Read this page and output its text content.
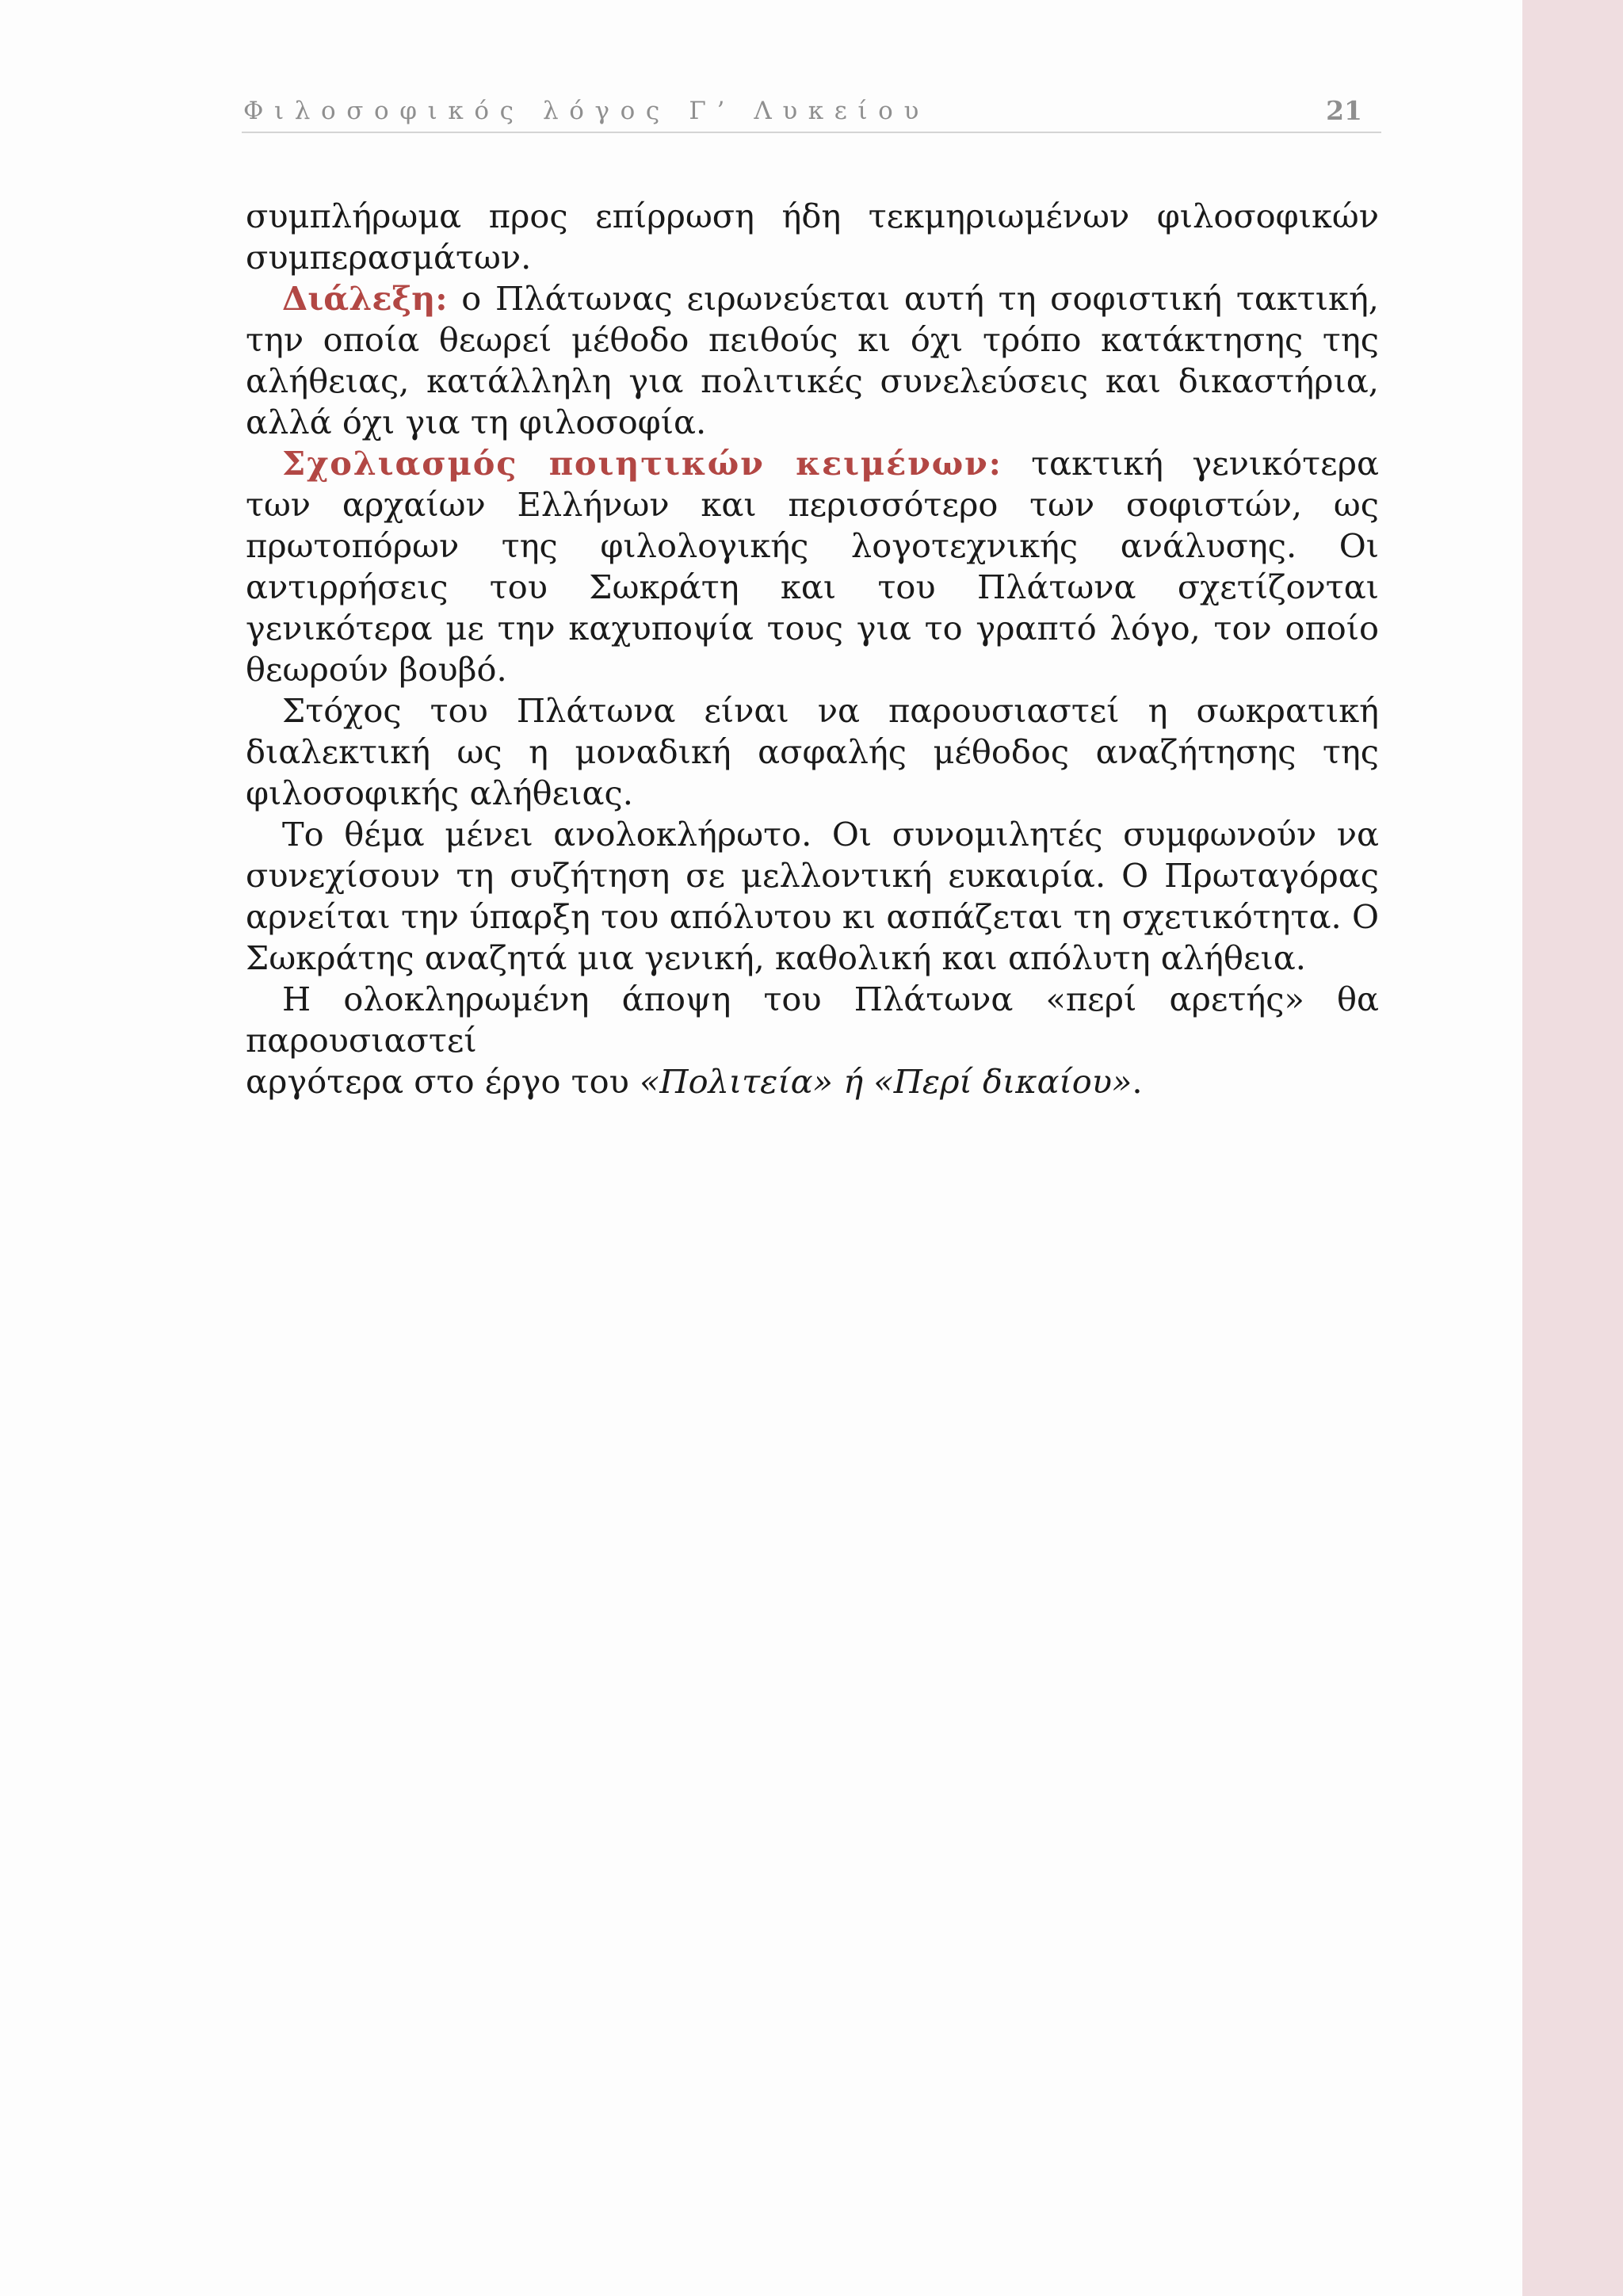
Φιλοσοφικός λόγος Γ’ Λυκείου	21

συμπλήρωμα προς επίρρωση ήδη τεκμηριωμένων φιλοσοφικών συμπερασμάτων.

Διάλεξη: ο Πλάτωνας ειρωνεύεται αυτή τη σοφιστική τακτική, την οποία θεωρεί μέθοδο πειθούς κι όχι τρόπο κατάκτησης της αλήθειας, κατάλληλη για πολιτικές συνελεύσεις και δικαστήρια, αλλά όχι για τη φιλοσοφία.

Σχολιασμός ποιητικών κειμένων: τακτική γενικότερα των αρχαίων Ελλήνων και περισσότερο των σοφιστών, ως πρωτοπόρων της φιλολογικής λογοτεχνικής ανάλυσης. Οι αντιρρήσεις του Σωκράτη και του Πλάτωνα σχετίζονται γενικότερα με την καχυποψία τους για το γραπτό λόγο, τον οποίο θεωρούν βουβό.

Στόχος του Πλάτωνα είναι να παρουσιαστεί η σωκρατική διαλεκτική ως η μοναδική ασφαλής μέθοδος αναζήτησης της φιλοσοφικής αλήθειας.

Το θέμα μένει ανολοκλήρωτο. Οι συνομιλητές συμφωνούν να συνεχίσουν τη συζήτηση σε μελλοντική ευκαιρία. Ο Πρωταγόρας αρνείται την ύπαρξη του απόλυτου κι ασπάζεται τη σχετικότητα. Ο Σωκράτης αναζητά μια γενική, καθολική και απόλυτη αλήθεια.

Η ολοκληρωμένη άποψη του Πλάτωνα «περί αρετής» θα παρουσιαστεί

αργότερα στο έργο του «Πολιτεία» ή «Περί δικαίου».
